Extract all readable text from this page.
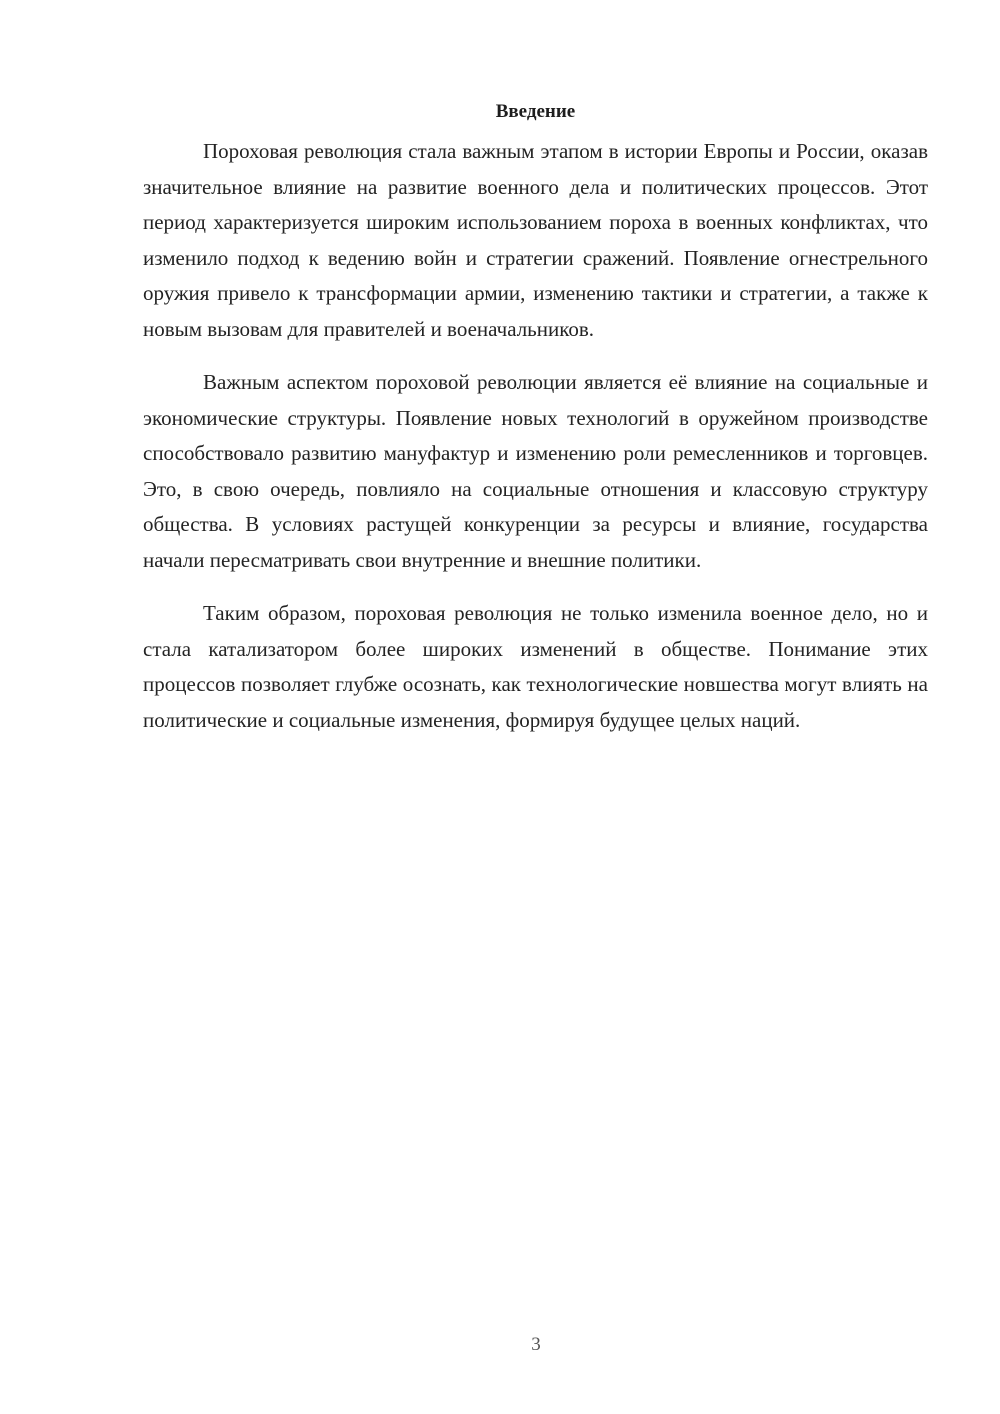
Введение

Пороховая революция стала важным этапом в истории Европы и России, оказав значительное влияние на развитие военного дела и политических процессов. Этот период характеризуется широким использованием пороха в военных конфликтах, что изменило подход к ведению войн и стратегии сражений. Появление огнестрельного оружия привело к трансформации армии, изменению тактики и стратегии, а также к новым вызовам для правителей и военачальников.

Важным аспектом пороховой революции является её влияние на социальные и экономические структуры. Появление новых технологий в оружейном производстве способствовало развитию мануфактур и изменению роли ремесленников и торговцев. Это, в свою очередь, повлияло на социальные отношения и классовую структуру общества. В условиях растущей конкуренции за ресурсы и влияние, государства начали пересматривать свои внутренние и внешние политики.

Таким образом, пороховая революция не только изменила военное дело, но и стала катализатором более широких изменений в обществе. Понимание этих процессов позволяет глубже осознать, как технологические новшества могут влиять на политические и социальные изменения, формируя будущее целых наций.

3
